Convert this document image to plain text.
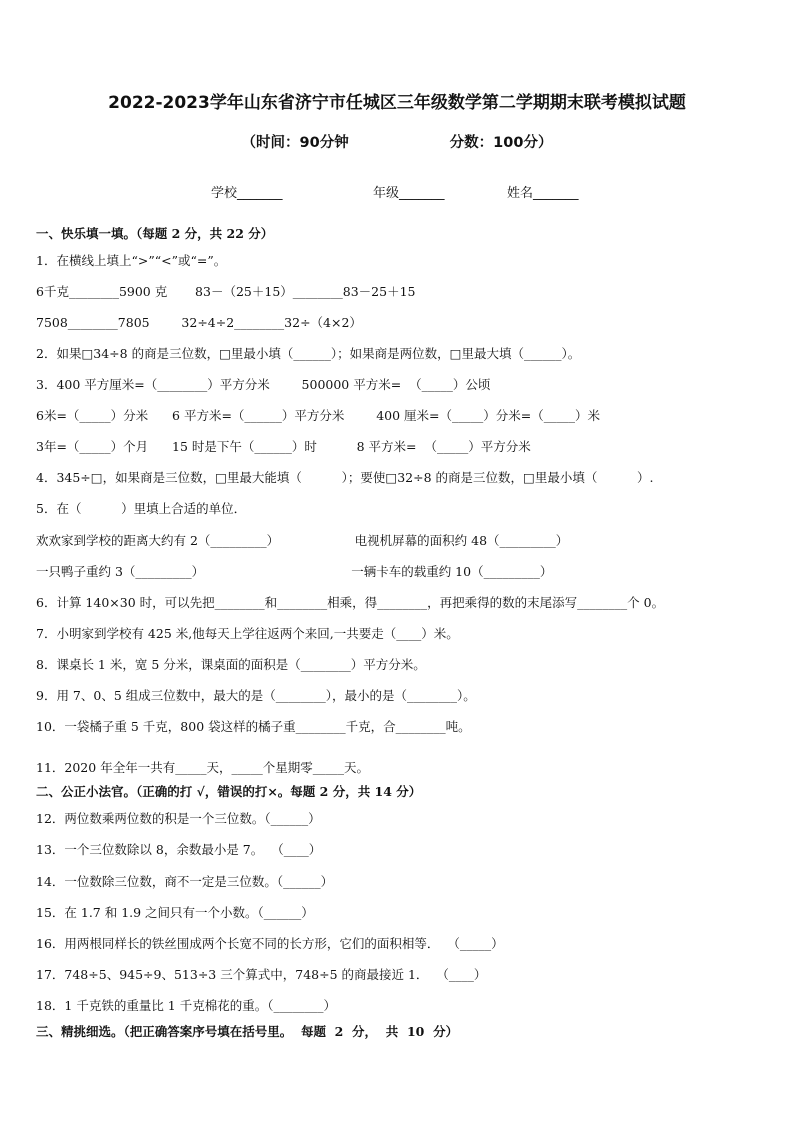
2022-2023学年山东省济宁市任城区三年级数学第二学期期末联考模拟试题
（时间：90分钟                    分数：100分）
学校_______	年级_______	姓名_______
一、快乐填一填。（每题 2 分，共 22 分）
1．在横线上填上“>”“<”或“=”。
6千克________5900 克       83－（25＋15）________83－25＋15
7508________7805        32÷4÷2________32÷（4×2）
2．如果□34÷8 的商是三位数，□里最小填（______）；如果商是两位数，□里最大填（______）。
3．400 平方厘米=（________）平方分米        500000 平方米=  （_____）公顷
6米=（_____）分米      6 平方米=（______）平方分米        400 厘米=（_____）分米=（_____）米
3年=（_____）个月      15 时是下午（______）时          8 平方米=  （_____）平方分米
4．345÷□，如果商是三位数，□里最大能填（          ）；要使□32÷8 的商是三位数，□里最小填（          ）.
5．在（          ）里填上合适的单位．
欢欢家到学校的距离大约有 2（_________）                   电视机屏幕的面积约 48（_________）
一只鸭子重约 3（_________）                                     一辆卡车的载重约 10（_________）
6．计算 140×30 时，可以先把________和________相乘，得________，再把乘得的数的末尾添写________个 0。
7．小明家到学校有 425 米,他每天上学往返两个来回,一共要走（____）米。
8．课桌长 1 米，宽 5 分米，课桌面的面积是（________）平方分米。
9．用 7、0、5 组成三位数中，最大的是（________），最小的是（________）。
10．一袋橘子重 5 千克，800 袋这样的橘子重________千克，合________吨。
11．2020 年全年一共有_____天，_____个星期零_____天。
二、公正小法官。（正确的打 √，错误的打×。每题 2 分，共 14 分）
12．两位数乘两位数的积是一个三位数。（______）
13．一个三位数除以 8，余数最小是 7。  （____）
14．一位数除三位数，商不一定是三位数。（______）
15．在 1.7 和 1.9 之间只有一个小数。（______）
16．用两根同样长的铁丝围成两个长宽不同的长方形，它们的面积相等．  （_____）
17．748÷5、945÷9、513÷3 三个算式中，748÷5 的商最接近 1．  （____）
18．1 千克铁的重量比 1 千克棉花的重。（________）
三、精挑细选。（把正确答案序号填在括号里。  每题  2  分，  共  10  分）
